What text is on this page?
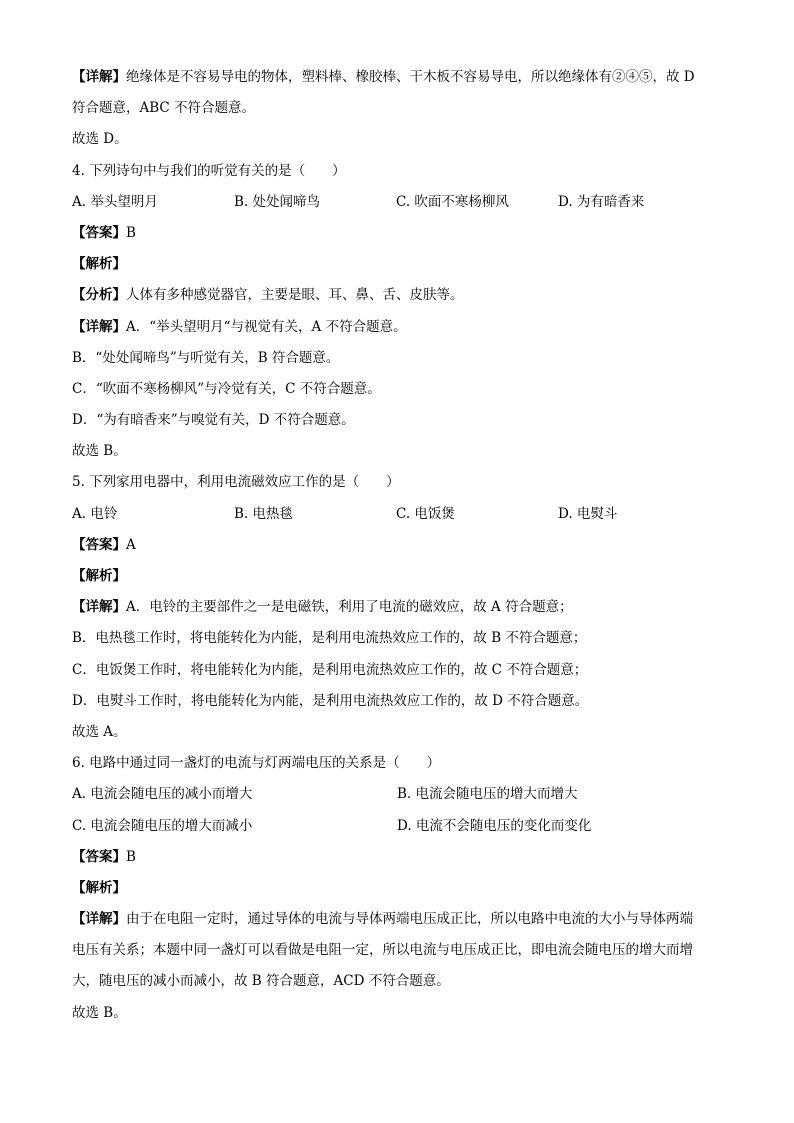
【详解】绝缘体是不容易导电的物体，塑料棒、橡胶棒、干木板不容易导电，所以绝缘体有②④⑤，故 D
符合题意，ABC 不符合题意。
故选 D。
4. 下列诗句中与我们的听觉有关的是（　　）
A. 举头望明月	B. 处处闻啼鸟	C. 吹面不寒杨柳风	D. 为有暗香来
【答案】B
【解析】
【分析】人体有多种感觉器官，主要是眼、耳、鼻、舌、皮肤等。
【详解】A．“举头望明月“与视觉有关，A 不符合题意。
B．“处处闻啼鸟”与听觉有关，B 符合题意。
C．“吹面不寒杨柳风”与冷觉有关，C 不符合题意。
D．“为有暗香来”与嗅觉有关，D 不符合题意。
故选 B。
5. 下列家用电器中，利用电流磁效应工作的是（　　）
A. 电铃	B. 电热毯	C. 电饭煲	D. 电熨斗
【答案】A
【解析】
【详解】A．电铃的主要部件之一是电磁铁，利用了电流的磁效应，故 A 符合题意；
B．电热毯工作时，将电能转化为内能，是利用电流热效应工作的，故 B 不符合题意；
C．电饭煲工作时，将电能转化为内能，是利用电流热效应工作的，故 C 不符合题意；
D．电熨斗工作时，将电能转化为内能，是利用电流热效应工作的，故 D 不符合题意。
故选 A。
6. 电路中通过同一盏灯的电流与灯两端电压的关系是（　　）
A. 电流会随电压的减小而增大	B. 电流会随电压的增大而增大
C. 电流会随电压的增大而减小	D. 电流不会随电压的变化而变化
【答案】B
【解析】
【详解】由于在电阻一定时，通过导体的电流与导体两端电压成正比，所以电路中电流的大小与导体两端
电压有关系；本题中同一盏灯可以看做是电阻一定，所以电流与电压成正比，即电流会随电压的增大而增
大，随电压的减小而减小，故 B 符合题意，ACD 不符合题意。
故选 B。
